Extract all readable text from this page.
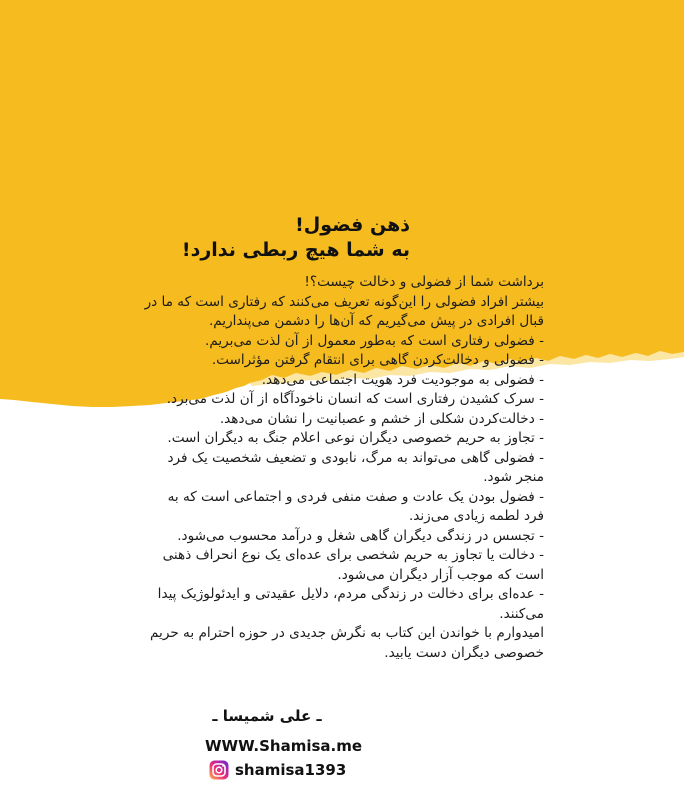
ذهن فضول!
به شما هیچ ربطی ندارد!
برداشت شما از فضولی و دخالت چیست؟!
بیشتر افراد فضولی را این‌گونه تعریف می‌کنند که رفتاری است که ما در
قبال افرادی در پیش می‌گیریم که آن‌ها را دشمن می‌پنداریم.
- فضولی رفتاری است که به‌طور معمول از آن لذت می‌بریم.
- فضولی و دخالت‌کردن گاهی برای انتقام گرفتن مؤثراست.
- فضولی به موجودیت فرد هویت اجتماعی می‌دهد.
- سرک کشیدن رفتاری است که انسان ناخودآگاه از آن لذت می‌برد.
- دخالت‌کردن شکلی از خشم و عصبانیت را نشان می‌دهد.
- تجاوز به حریم خصوصی دیگران نوعی اعلام جنگ به دیگران است.
- فضولی گاهی می‌تواند به مرگ، نابودی و تضعیف شخصیت یک فرد
منجر شود.
- فضول بودن یک عادت و صفت منفی فردی و اجتماعی است که به
فرد لطمه زیادی می‌زند.
- تجسس در زندگی دیگران گاهی شغل و درآمد محسوب می‌شود.
- دخالت یا تجاوز به حریم شخصی برای عده‌ای یک نوع انحراف ذهنی
است که موجب آزار دیگران می‌شود.
- عده‌ای برای دخالت در زندگی مردم، دلایل عقیدتی و ایدئولوژیک پیدا
می‌کنند.
امیدوارم با خواندن این کتاب به نگرش جدیدی در حوزه احترام به حریم
خصوصی دیگران دست یابید.
ـ علی شمیسا ـ
WWW.Shamisa.me
shamisa1393
